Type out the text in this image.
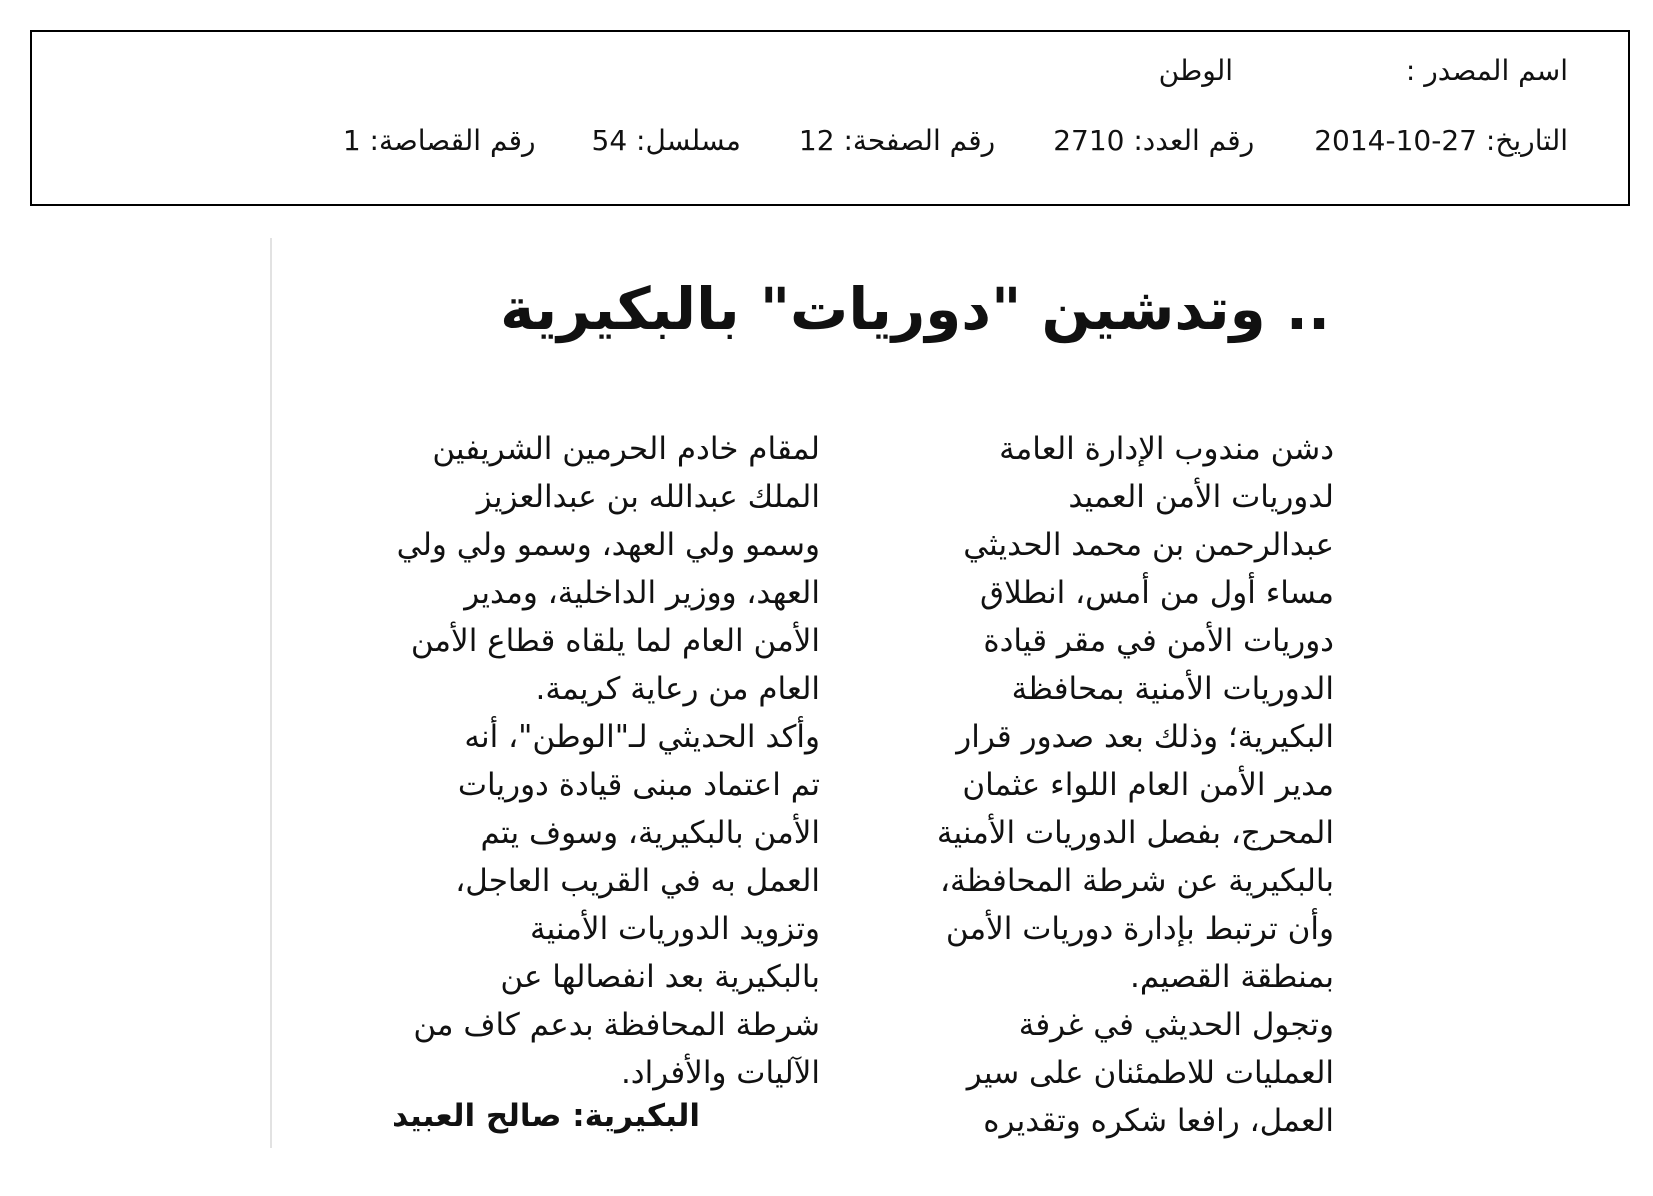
اسم المصدر :
الوطن
التاريخ: 27-10-2014
رقم العدد: 2710
رقم الصفحة: 12
مسلسل: 54
رقم القصاصة: 1
.. وتدشين "دوريات" بالبكيرية
دشن مندوب الإدارة العامة
لدوريات الأمن العميد
عبدالرحمن بن محمد الحديثي
مساء أول من أمس، انطلاق
دوريات الأمن في مقر قيادة
الدوريات الأمنية بمحافظة
البكيرية؛ وذلك بعد صدور قرار
مدير الأمن العام اللواء عثمان
المحرج، بفصل الدوريات الأمنية
بالبكيرية عن شرطة المحافظة،
وأن ترتبط بإدارة دوريات الأمن
بمنطقة القصيم.
وتجول الحديثي في غرفة
العمليات للاطمئنان على سير
العمل، رافعا شكره وتقديره
لمقام خادم الحرمين الشريفين
الملك عبدالله بن عبدالعزيز
وسمو ولي العهد، وسمو ولي ولي
العهد، ووزير الداخلية، ومدير
الأمن العام لما يلقاه قطاع الأمن
العام من رعاية كريمة.
وأكد الحديثي لـ"الوطن"، أنه
تم اعتماد مبنى قيادة دوريات
الأمن بالبكيرية، وسوف يتم
العمل به في القريب العاجل،
وتزويد الدوريات الأمنية
بالبكيرية بعد انفصالها عن
شرطة المحافظة بدعم كاف من
الآليات والأفراد.
البكيرية: صالح العبيد
